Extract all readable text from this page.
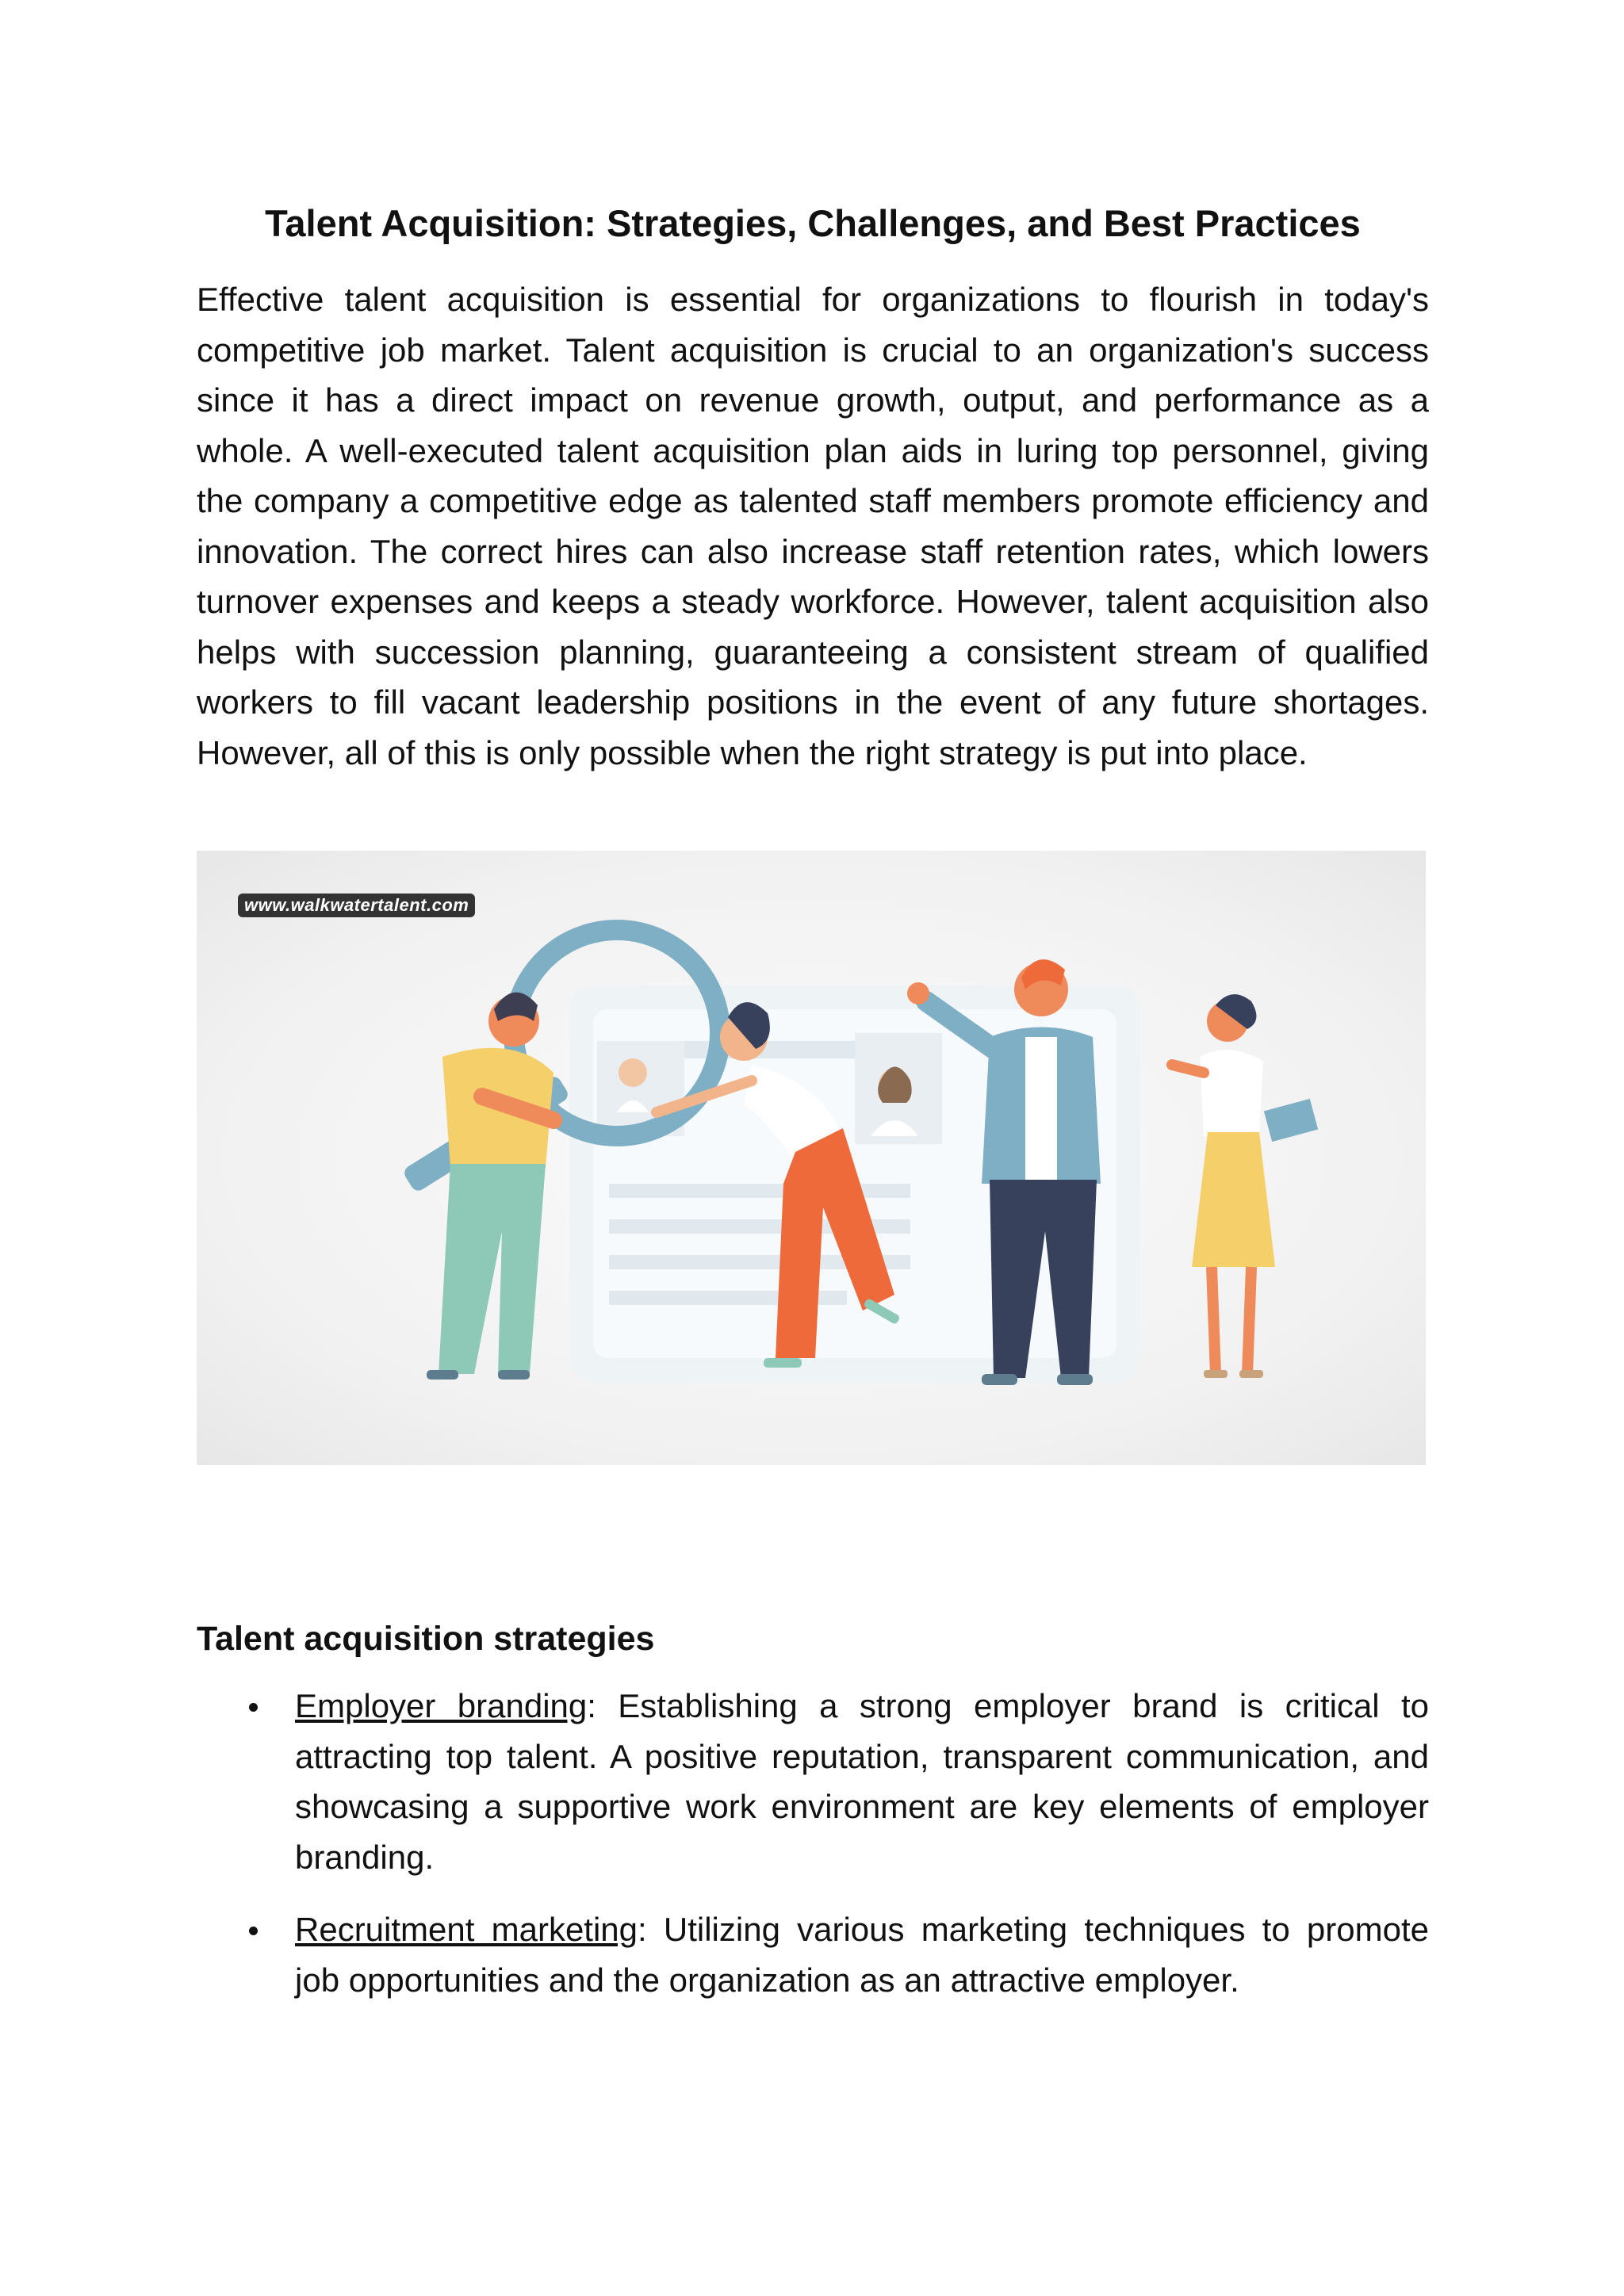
Talent Acquisition: Strategies, Challenges, and Best Practices

Effective talent acquisition is essential for organizations to flourish in today's competitive job market. Talent acquisition is crucial to an organization's success since it has a direct impact on revenue growth, output, and performance as a whole. A well-executed talent acquisition plan aids in luring top personnel, giving the company a competitive edge as talented staff members promote efficiency and innovation. The correct hires can also increase staff retention rates, which lowers turnover expenses and keeps a steady workforce. However, talent acquisition also helps with succession planning, guaranteeing a consistent stream of qualified workers to fill vacant leadership positions in the event of any future shortages. However, all of this is only possible when the right strategy is put into place.

www.walkwatertalent.com
Talent acquisition strategies
Employer branding: Establishing a strong employer brand is critical to attracting top talent. A positive reputation, transparent communication, and showcasing a supportive work environment are key elements of employer branding.
Recruitment marketing: Utilizing various marketing techniques to promote job opportunities and the organization as an attractive employer.
